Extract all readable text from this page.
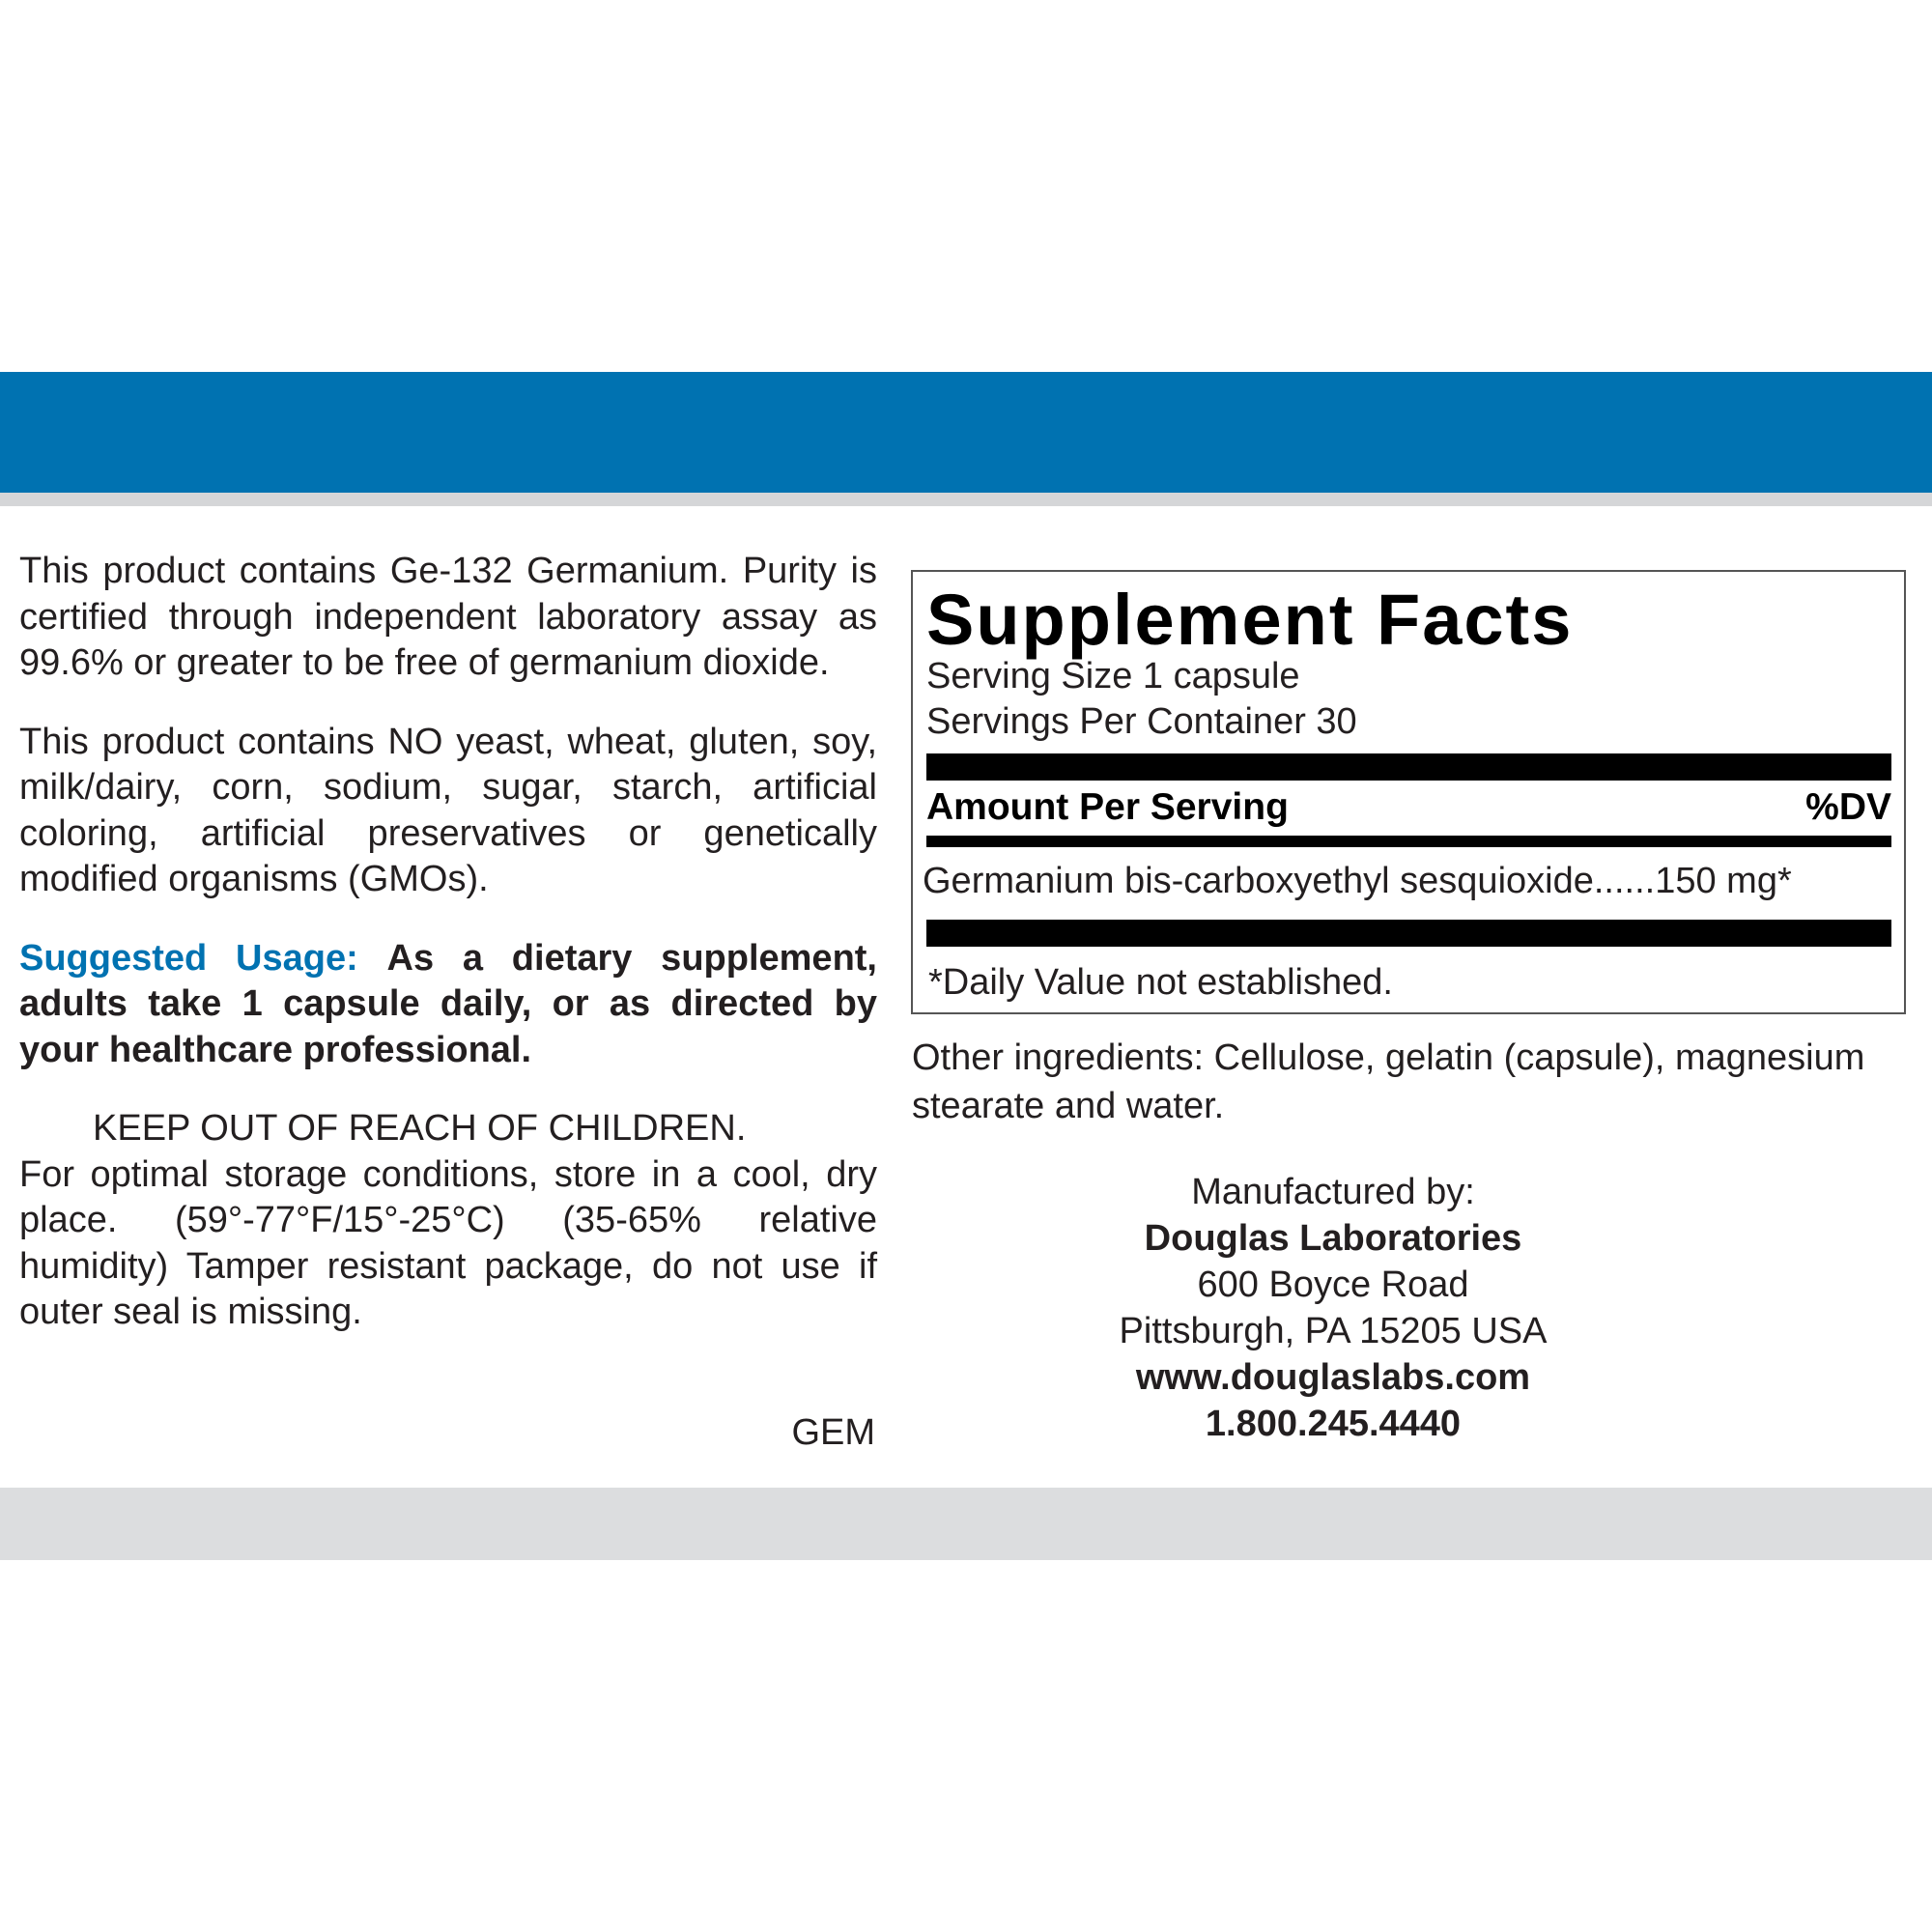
This product contains Ge-132 Germanium. Purity is certified through independent laboratory assay as 99.6% or greater to be free of germanium dioxide.

This product contains NO yeast, wheat, gluten, soy, milk/dairy, corn, sodium, sugar, starch, artificial coloring, artificial preservatives or genetically modified organisms (GMOs).

Suggested Usage: As a dietary supplement, adults take 1 capsule daily, or as directed by your healthcare professional.

KEEP OUT OF REACH OF CHILDREN.
For optimal storage conditions, store in a cool, dry place. (59°-77°F/15°-25°C) (35-65% relative humidity) Tamper resistant package, do not use if outer seal is missing.

GEM
Supplement Facts
Serving Size 1 capsule
Servings Per Container 30
Amount Per Serving	%DV
Germanium bis-carboxyethyl sesquioxide......150 mg*
*Daily Value not established.
Other ingredients: Cellulose, gelatin (capsule), magnesium stearate and water.
Manufactured by:
Douglas Laboratories
600 Boyce Road
Pittsburgh, PA 15205 USA
www.douglaslabs.com
1.800.245.4440
